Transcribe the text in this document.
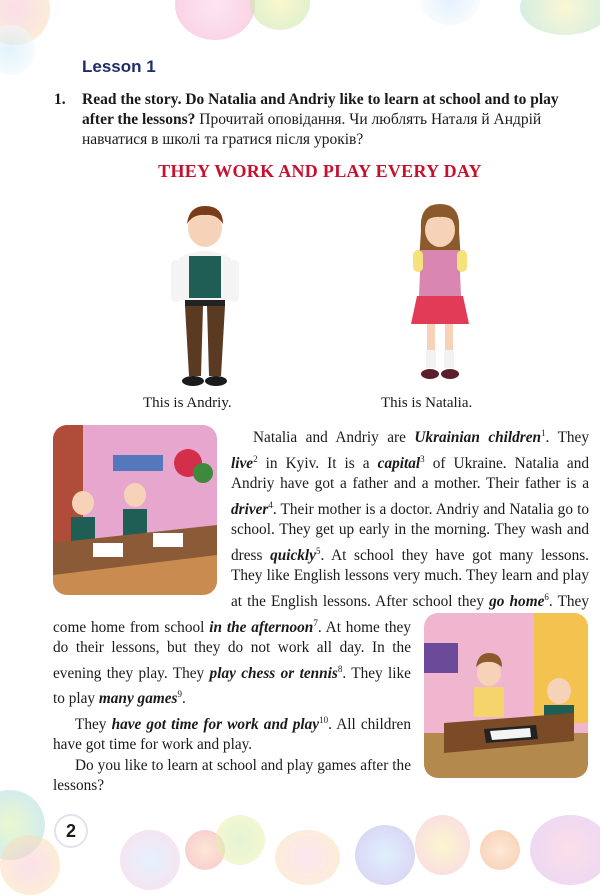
Lesson 1
1. Read the story. Do Natalia and Andriy like to learn at school and to play after the lessons? Прочитай оповідання. Чи люблять Наталя й Андрій навчатися в школі та гратися після уроків?
THEY WORK AND PLAY EVERY DAY
This is Andriy.	This is Natalia.

Natalia and Andriy are Ukrainian children$^1$. They live$^2$ in Kyiv. It is a capital$^3$ of Ukraine. Natalia and Andriy have got a father and a mother. Their father is a driver$^4$. Their mother is a doctor. Andriy and Natalia go to school. They get up early in the morning. They wash and dress quickly$^5$. At school they have got many lessons. They like English lessons very much. They learn and play at the English lessons. After school they go home$^6$. They come home from school in the afternoon$^7$. At home they do their lessons, but they do not work all day. In the evening they play. They play chess or tennis$^8$. They like to play many games$^9$.

They have got time for work and play$^{10}$. All children have got time for work and play.

Do you like to learn at school and play games after the lessons?

2
